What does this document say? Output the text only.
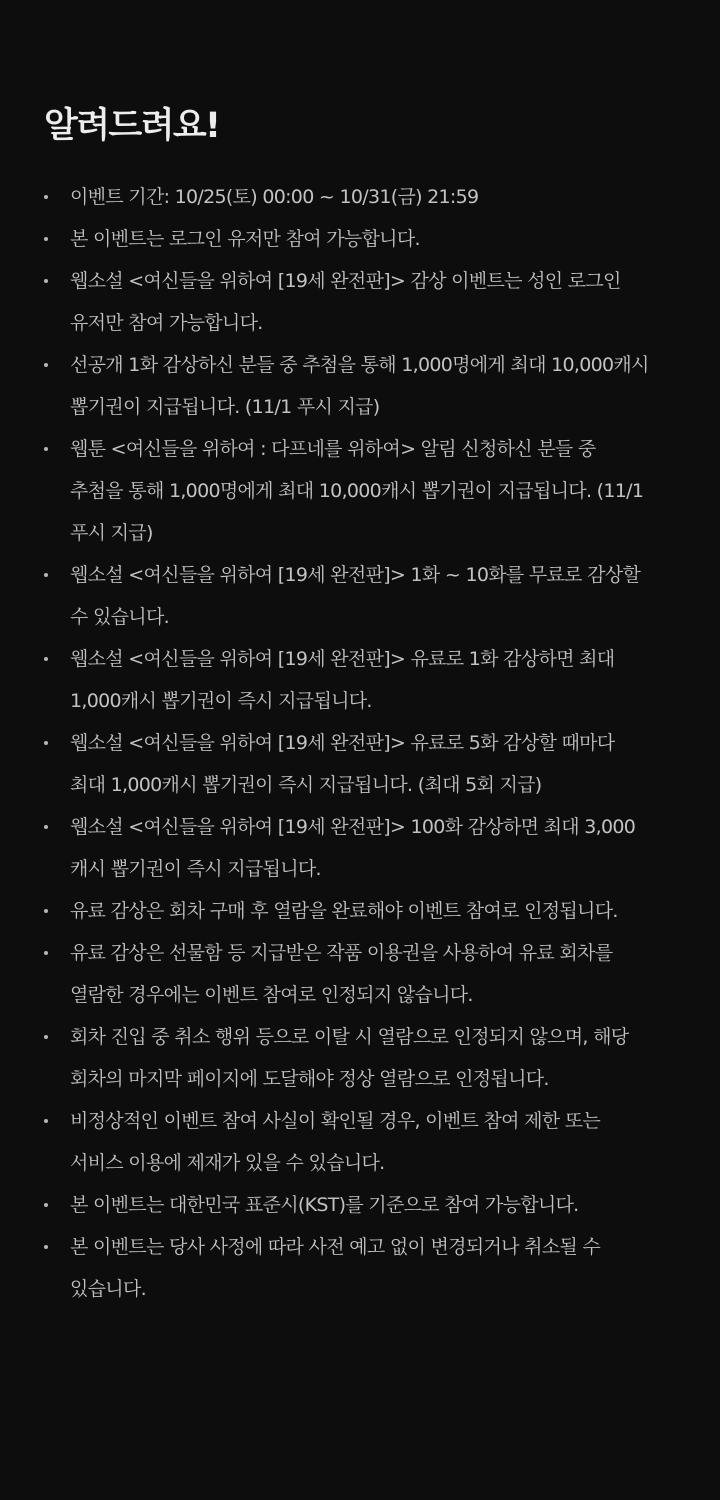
알려드려요!
이벤트 기간: 10/25(토) 00:00 ~ 10/31(금) 21:59
본 이벤트는 로그인 유저만 참여 가능합니다.
웹소설 <여신들을 위하여 [19세 완전판]> 감상 이벤트는 성인 로그인
유저만 참여 가능합니다.
선공개 1화 감상하신 분들 중 추첨을 통해 1,000명에게 최대 10,000캐시
뽑기권이 지급됩니다. (11/1 푸시 지급)
웹툰 <여신들을 위하여 : 다프네를 위하여> 알림 신청하신 분들 중
추첨을 통해 1,000명에게 최대 10,000캐시 뽑기권이 지급됩니다. (11/1
푸시 지급)
웹소설 <여신들을 위하여 [19세 완전판]> 1화 ~ 10화를 무료로 감상할
수 있습니다.
웹소설 <여신들을 위하여 [19세 완전판]> 유료로 1화 감상하면 최대
1,000캐시 뽑기권이 즉시 지급됩니다.
웹소설 <여신들을 위하여 [19세 완전판]> 유료로 5화 감상할 때마다
최대 1,000캐시 뽑기권이 즉시 지급됩니다. (최대 5회 지급)
웹소설 <여신들을 위하여 [19세 완전판]> 100화 감상하면 최대 3,000
캐시 뽑기권이 즉시 지급됩니다.
유료 감상은 회차 구매 후 열람을 완료해야 이벤트 참여로 인정됩니다.
유료 감상은 선물함 등 지급받은 작품 이용권을 사용하여 유료 회차를
열람한 경우에는 이벤트 참여로 인정되지 않습니다.
회차 진입 중 취소 행위 등으로 이탈 시 열람으로 인정되지 않으며, 해당
회차의 마지막 페이지에 도달해야 정상 열람으로 인정됩니다.
비정상적인 이벤트 참여 사실이 확인될 경우, 이벤트 참여 제한 또는
서비스 이용에 제재가 있을 수 있습니다.
본 이벤트는 대한민국 표준시(KST)를 기준으로 참여 가능합니다.
본 이벤트는 당사 사정에 따라 사전 예고 없이 변경되거나 취소될 수
있습니다.
